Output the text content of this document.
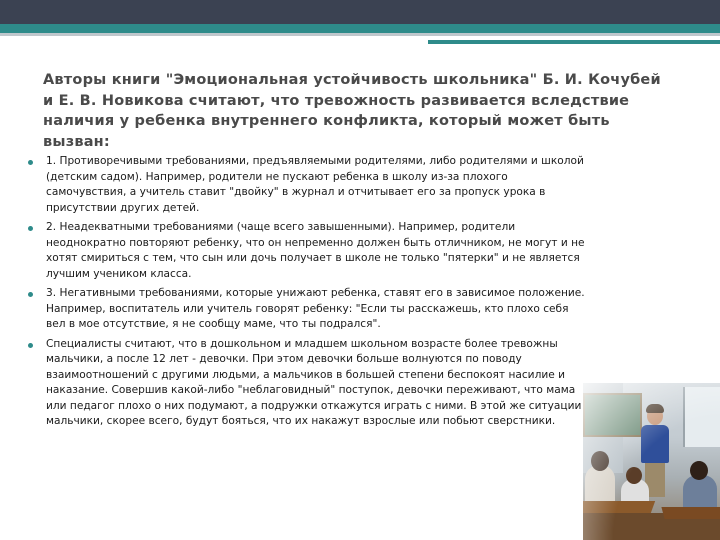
Авторы книги "Эмоциональная устойчивость школьника" Б. И. Кочубей и Е. В. Новикова считают, что тревожность развивается вследствие наличия у ребенка внутреннего конфликта, который может быть вызван:
1. Противоречивыми требованиями, предъявляемыми родителями, либо родителями и школой (детским садом). Например, родители не пускают ребенка в школу из-за плохого самочувствия, а учитель ставит "двойку" в журнал и отчитывает его за пропуск урока в присутствии других детей.
2. Неадекватными требованиями (чаще всего завышенными). Например, родители неоднократно повторяют ребенку, что он непременно должен быть отличником, не могут и не хотят смириться с тем, что сын или дочь получает в школе не только "пятерки" и не является лучшим учеником класса.
3. Негативными требованиями, которые унижают ребенка, ставят его в зависимое положение. Например, воспитатель или учитель говорят ребенку: "Если ты расскажешь, кто плохо себя вел в мое отсутствие, я не сообщу маме, что ты подрался".
Специалисты считают, что в дошкольном и младшем школьном возрасте более тревожны мальчики, а после 12 лет - девочки. При этом девочки больше волнуются по поводу взаимоотношений с другими людьми, а мальчиков в большей степени беспокоят насилие и наказание. Совершив какой-либо "неблаговидный" поступок, девочки переживают, что мама или педагог плохо о них подумают, а подружки откажутся играть с ними. В этой же ситуации мальчики, скорее всего, будут бояться, что их накажут взрослые или побьют сверстники.
